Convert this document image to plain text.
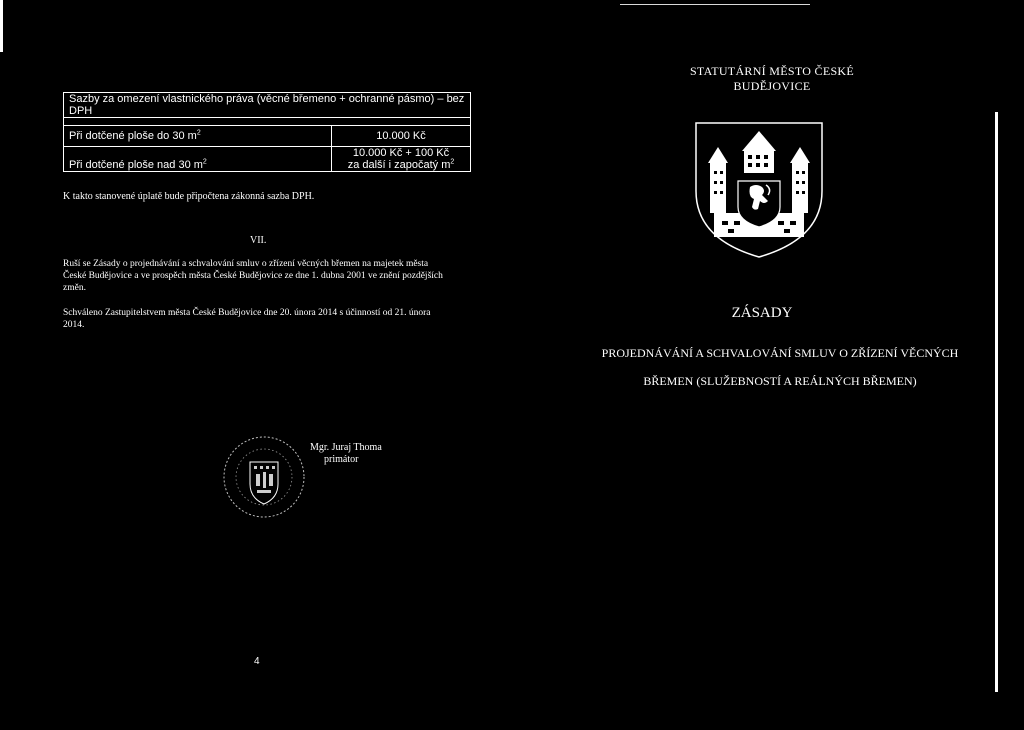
Sazby za omezení vlastnického práva (věcné břemeno + ochranné pásmo) – bez DPH	

Při dotčené ploše do 30 $m^2$	10.000 Kč
Při dotčené ploše nad 30 $m^2$	10.000 Kč + 100 Kč
za další i započatý $m^2$
K takto stanovené úplatě bude připočtena zákonná sazba DPH.
VII.
Ruší se Zásady o projednávání a schvalování smluv o zřízení věcných břemen na majetek města České Budějovice a ve prospěch města České Budějovice ze dne 1. dubna 2001 ve znění pozdějších změn.
Schváleno Zastupitelstvem města České Budějovice dne 20. února 2014 s účinností od 21. února 2014.
Mgr. Juraj Thoma
primátor
4
STATUTÁRNÍ MĚSTO ČESKÉ BUDĚJOVICE
ZÁSADY
PROJEDNÁVÁNÍ A SCHVALOVÁNÍ SMLUV O ZŘÍZENÍ VĚCNÝCH
BŘEMEN (SLUŽEBNOSTÍ A REÁLNÝCH BŘEMEN)
